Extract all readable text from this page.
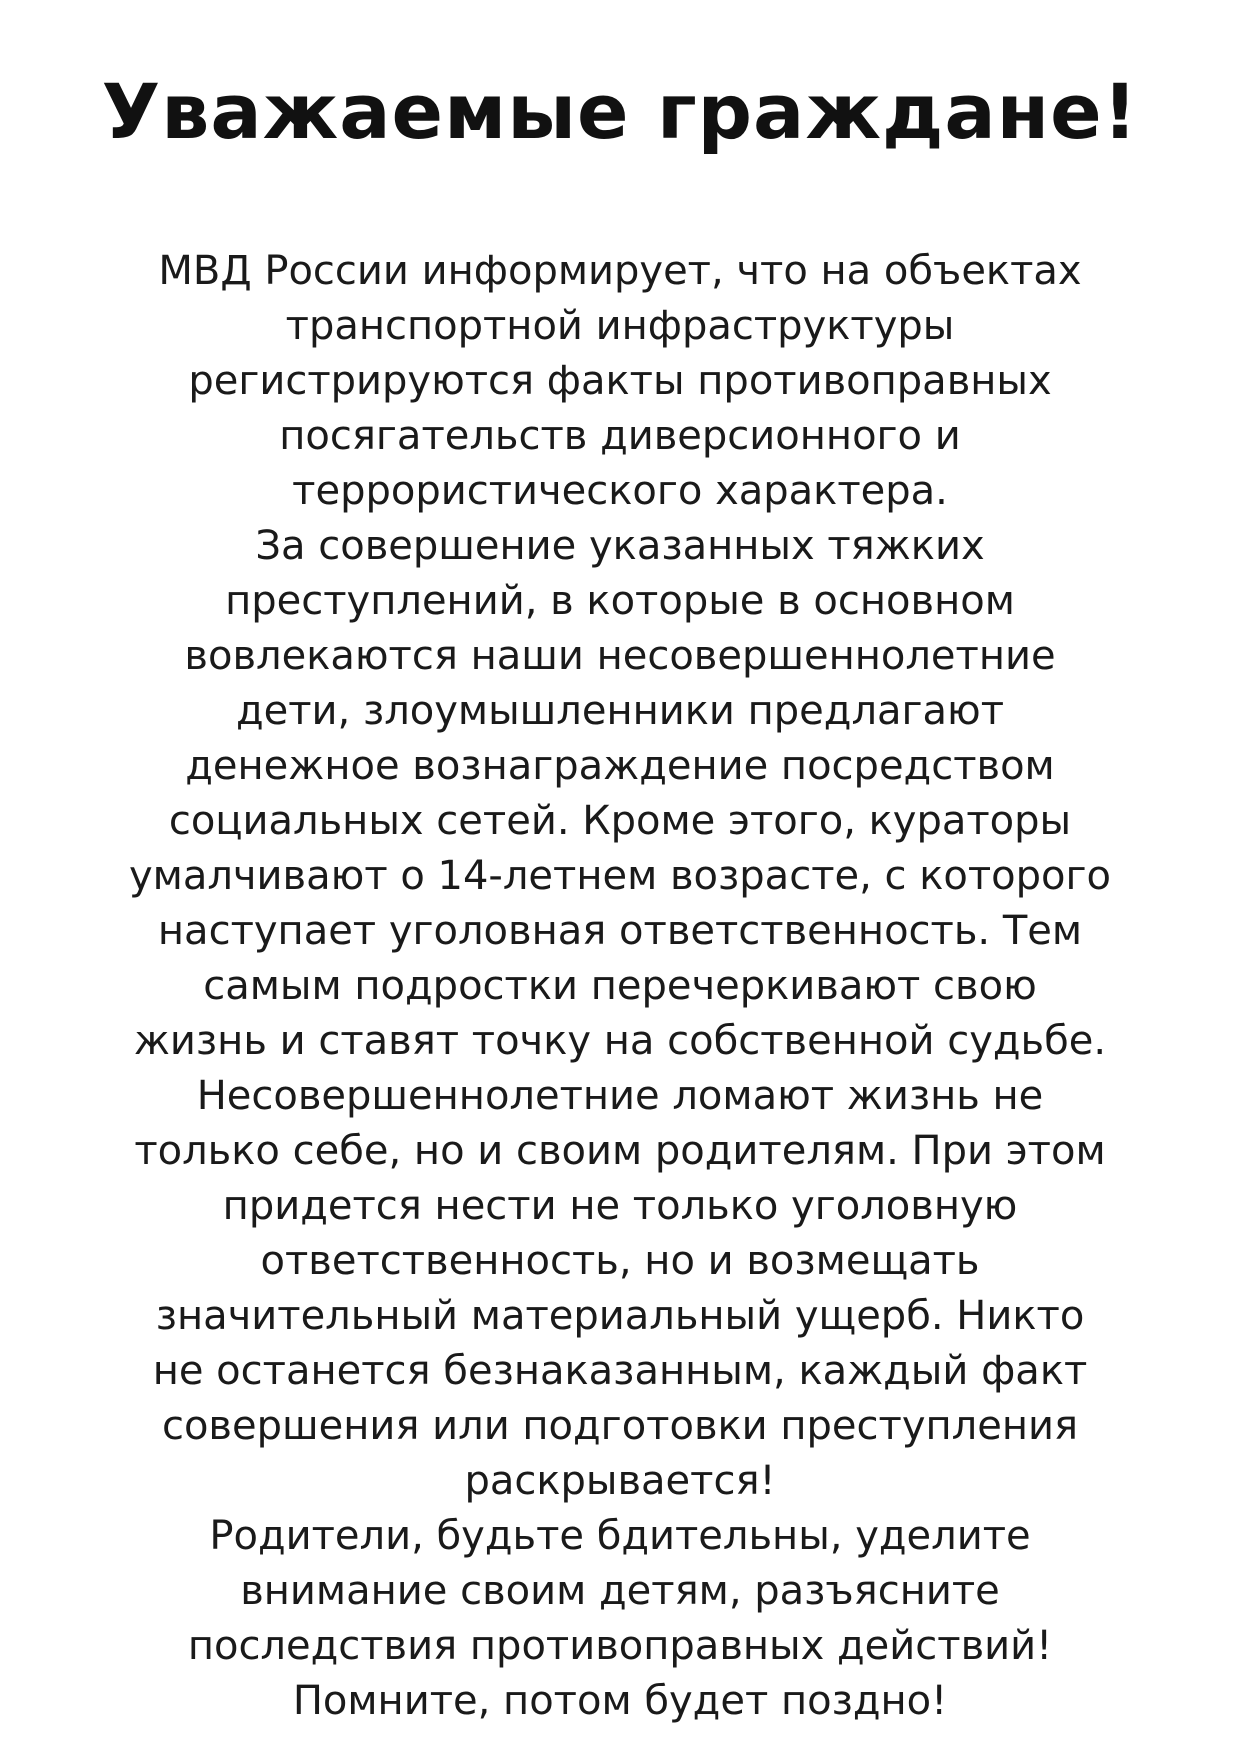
Уважаемые граждане!
МВД России информирует, что на объектах
транспортной инфраструктуры
регистрируются факты противоправных
посягательств диверсионного и
террористического характера.
За совершение указанных тяжких
преступлений, в которые в основном
вовлекаются наши несовершеннолетние
дети, злоумышленники предлагают
денежное вознаграждение посредством
социальных сетей. Кроме этого, кураторы
умалчивают о 14-летнем возрасте, с которого
наступает уголовная ответственность. Тем
самым подростки перечеркивают свою
жизнь и ставят точку на собственной судьбе.
Несовершеннолетние ломают жизнь не
только себе, но и своим родителям. При этом
придется нести не только уголовную
ответственность, но и возмещать
значительный материальный ущерб. Никто
не останется безнаказанным, каждый факт
совершения или подготовки преступления
раскрывается!
Родители, будьте бдительны, уделите
внимание своим детям, разъясните
последствия противоправных действий!
Помните, потом будет поздно!
